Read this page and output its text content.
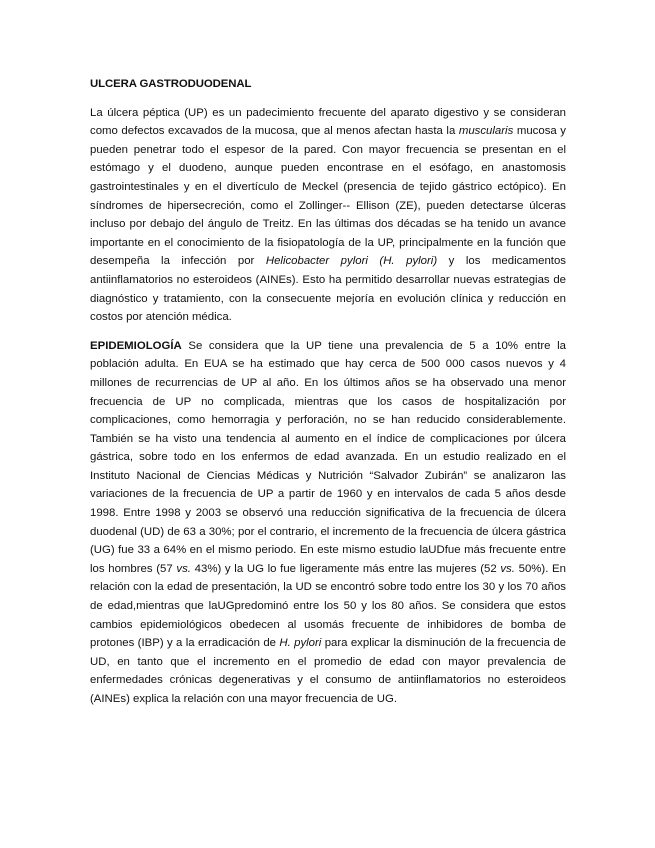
ULCERA GASTRODUODENAL

La úlcera péptica (UP) es un padecimiento frecuente del aparato digestivo y se consideran como defectos excavados de la mucosa, que al menos afectan hasta la muscularis mucosa y pueden penetrar todo el espesor de la pared. Con mayor frecuencia se presentan en el estómago y el duodeno, aunque pueden encontrase en el esófago, en anastomosis gastrointestinales y en el divertículo de Meckel (presencia de tejido gástrico ectópico). En síndromes de hipersecreción, como el Zollinger-- Ellison (ZE), pueden detectarse úlceras incluso por debajo del ángulo de Treitz. En las últimas dos décadas se ha tenido un avance importante en el conocimiento de la fisiopatología de la UP, principalmente en la función que desempeña la infección por Helicobacter pylori (H. pylori) y los medicamentos antiinflamatorios no esteroideos (AINEs). Esto ha permitido desarrollar nuevas estrategias de diagnóstico y tratamiento, con la consecuente mejoría en evolución clínica y reducción en costos por atención médica.

EPIDEMIOLOGÍA Se considera que la UP tiene una prevalencia de 5 a 10% entre la población adulta. En EUA se ha estimado que hay cerca de 500 000 casos nuevos y 4 millones de recurrencias de UP al año. En los últimos años se ha observado una menor frecuencia de UP no complicada, mientras que los casos de hospitalización por complicaciones, como hemorragia y perforación, no se han reducido considerablemente. También se ha visto una tendencia al aumento en el índice de complicaciones por úlcera gástrica, sobre todo en los enfermos de edad avanzada. En un estudio realizado en el Instituto Nacional de Ciencias Médicas y Nutrición “Salvador Zubirán” se analizaron las variaciones de la frecuencia de UP a partir de 1960 y en intervalos de cada 5 años desde 1998. Entre 1998 y 2003 se observó una reducción significativa de la frecuencia de úlcera duodenal (UD) de 63 a 30%; por el contrario, el incremento de la frecuencia de úlcera gástrica (UG) fue 33 a 64% en el mismo periodo. En este mismo estudio laUDfue más frecuente entre los hombres (57 vs. 43%) y la UG lo fue ligeramente más entre las mujeres (52 vs. 50%). En relación con la edad de presentación, la UD se encontró sobre todo entre los 30 y los 70 años de edad,mientras que laUGpredominó entre los 50 y los 80 años. Se considera que estos cambios epidemiológicos obedecen al usomás frecuente de inhibidores de bomba de protones (IBP) y a la erradicación de H. pylori para explicar la disminución de la frecuencia de UD, en tanto que el incremento en el promedio de edad con mayor prevalencia de enfermedades crónicas degenerativas y el consumo de antiinflamatorios no esteroideos (AINEs) explica la relación con una mayor frecuencia de UG.
